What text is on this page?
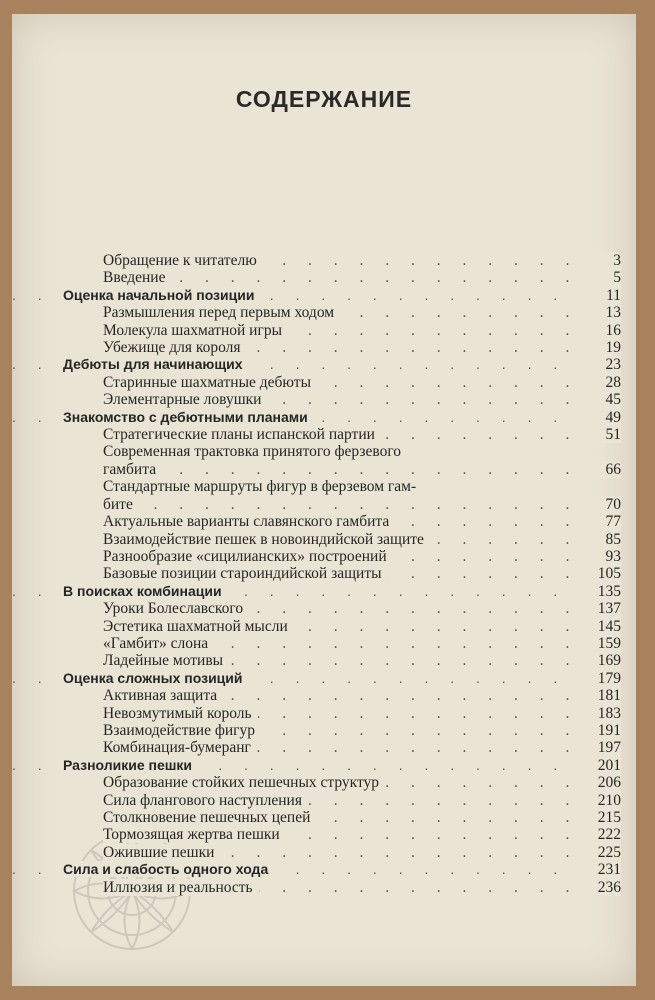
СОДЕРЖАНИЕ
Обращение к читателю . . .	3
Введение . . .	5
Оценка начальной позиции . . .	11
Размышления перед первым ходом . . .	13
Молекула шахматной игры . . .	16
Убежище для короля . . .	19
Дебюты для начинающих . . .	23
Старинные шахматные дебюты . . .	28
Элементарные ловушки . . .	45
Знакомство с дебютными планами . . .	49
Стратегические планы испанской партии . . .	51
Современная трактовка принятого ферзевого
гамбита . . .	66
Стандартные маршруты фигур в ферзевом гам-
бите . . .	70
Актуальные варианты славянского гамбита . . .	77
Взаимодействие пешек в новоиндийской защите . . .	85
Разнообразие «сицилианских» построений . . .	93
Базовые позиции староиндийской защиты . . .	105
В поисках комбинации . . .	135
Уроки Болеславского . . .	137
Эстетика шахматной мысли . . .	145
«Гамбит» слона . . .	159
Ладейные мотивы . . .	169
Оценка сложных позиций . . .	179
Активная защита . . .	181
Невозмутимый король . . .	183
Взаимодействие фигур . . .	191
Комбинация-бумеранг . . .	197
Разноликие пешки . . .	201
Образование стойких пешечных структур . . .	206
Сила флангового наступления . . .	210
Столкновение пешечных цепей . . .	215
Тормозящая жертва пешки . . .	222
Ожившие пешки . . .	225
Сила и слабость одного хода . . .	231
Иллюзия и реальность . . .	236
